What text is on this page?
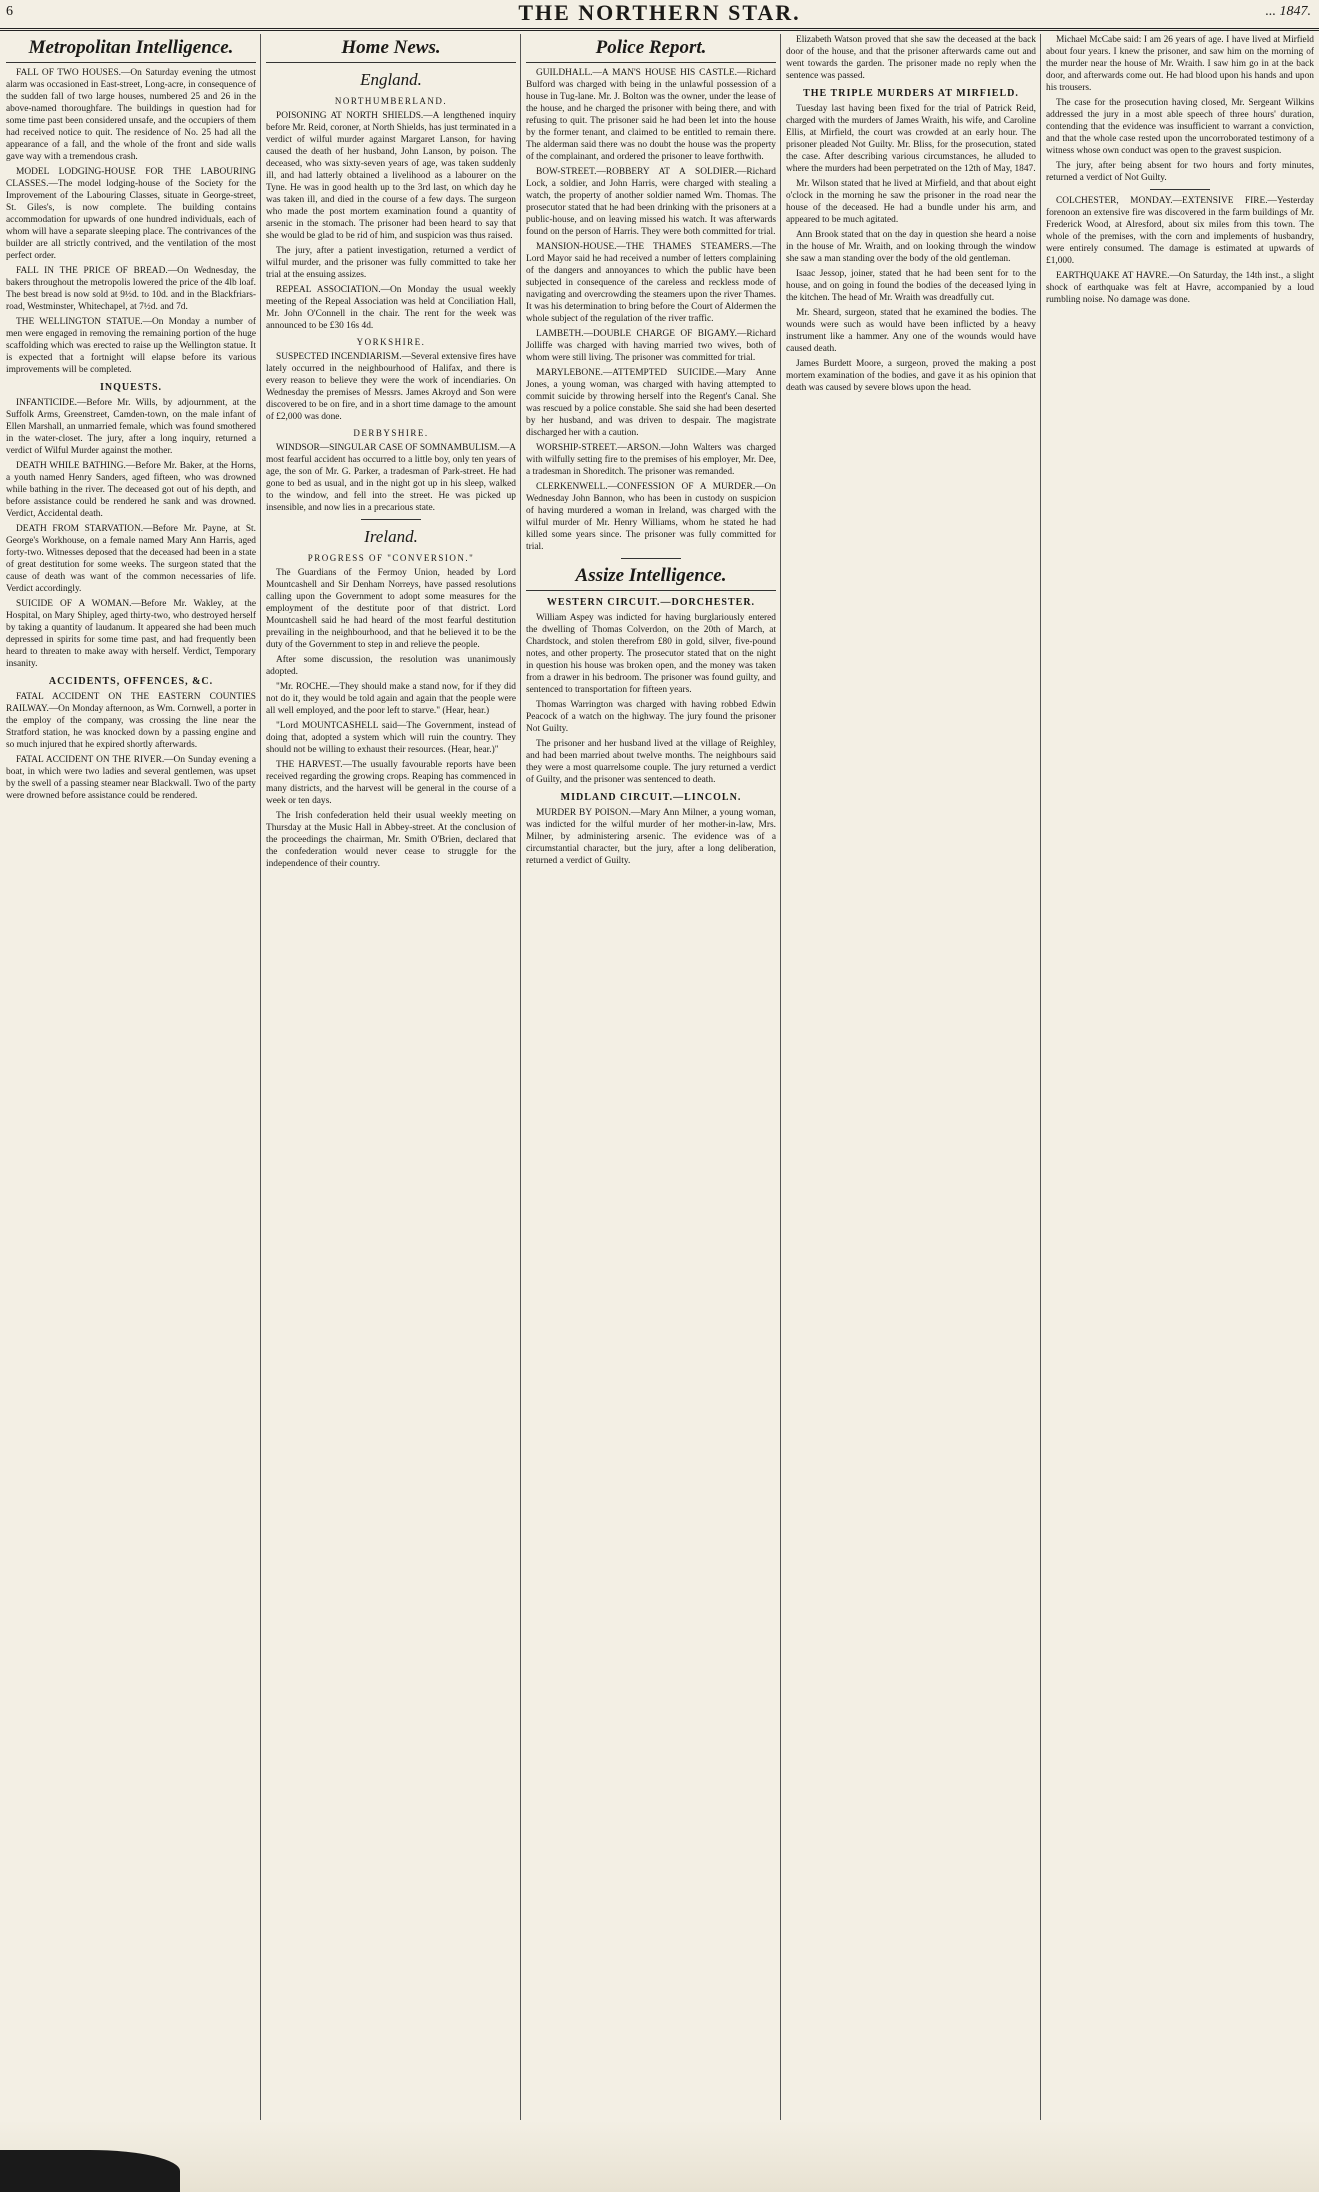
6	THE NORTHERN STAR.	... 1847.
Metropolitan Intelligence.

FALL OF TWO HOUSES.—On Saturday evening the utmost alarm was occasioned in East-street, Long-acre, in consequence of the sudden fall of two large houses, numbered 25 and 26 in the above-named thoroughfare. The buildings in question had for some time past been considered unsafe, and the occupiers of them had received notice to quit. The residence of No. 25 had all the appearance of a fall, and the whole of the front and side walls gave way with a tremendous crash.

MODEL LODGING-HOUSE FOR THE LABOURING CLASSES.—The model lodging-house of the Society for the Improvement of the Labouring Classes, situate in George-street, St. Giles's, is now complete. The building contains accommodation for upwards of one hundred individuals, each of whom will have a separate sleeping place. The contrivances of the builder are all strictly contrived, and the ventilation of the most perfect order.

FALL IN THE PRICE OF BREAD.—On Wednesday, the bakers throughout the metropolis lowered the price of the 4lb loaf. The best bread is now sold at 9½d. to 10d. and in the Blackfriars-road, Westminster, Whitechapel, at 7½d. and 7d.

THE WELLINGTON STATUE.—On Monday a number of men were engaged in removing the remaining portion of the huge scaffolding which was erected to raise up the Wellington statue. It is expected that a fortnight will elapse before its various improvements will be completed.

INQUESTS.

INFANTICIDE.—Before Mr. Wills, by adjournment, at the Suffolk Arms, Greenstreet, Camden-town, on the male infant of Ellen Marshall, an unmarried female, which was found smothered in the water-closet. The jury, after a long inquiry, returned a verdict of Wilful Murder against the mother.

DEATH WHILE BATHING.—Before Mr. Baker, at the Horns, a youth named Henry Sanders, aged fifteen, who was drowned while bathing in the river. The deceased got out of his depth, and before assistance could be rendered he sank and was drowned. Verdict, Accidental death.

DEATH FROM STARVATION.—Before Mr. Payne, at St. George's Workhouse, on a female named Mary Ann Harris, aged forty-two. Witnesses deposed that the deceased had been in a state of great destitution for some weeks. The surgeon stated that the cause of death was want of the common necessaries of life. Verdict accordingly.

SUICIDE OF A WOMAN.—Before Mr. Wakley, at the Hospital, on Mary Shipley, aged thirty-two, who destroyed herself by taking a quantity of laudanum. It appeared she had been much depressed in spirits for some time past, and had frequently been heard to threaten to make away with herself. Verdict, Temporary insanity.

ACCIDENTS, OFFENCES, &C.

FATAL ACCIDENT ON THE EASTERN COUNTIES RAILWAY.—On Monday afternoon, as Wm. Cornwell, a porter in the employ of the company, was crossing the line near the Stratford station, he was knocked down by a passing engine and so much injured that he expired shortly afterwards.

FATAL ACCIDENT ON THE RIVER.—On Sunday evening a boat, in which were two ladies and several gentlemen, was upset by the swell of a passing steamer near Blackwall. Two of the party were drowned before assistance could be rendered.

Home News.
England.
NORTHUMBERLAND.

POISONING AT NORTH SHIELDS.—A lengthened inquiry before Mr. Reid, coroner, at North Shields, has just terminated in a verdict of wilful murder against Margaret Lanson, for having caused the death of her husband, John Lanson, by poison. The deceased, who was sixty-seven years of age, was taken suddenly ill, and had latterly obtained a livelihood as a labourer on the Tyne. He was in good health up to the 3rd last, on which day he was taken ill, and died in the course of a few days. The surgeon who made the post mortem examination found a quantity of arsenic in the stomach. The prisoner had been heard to say that she would be glad to be rid of him, and suspicion was thus raised.

The jury, after a patient investigation, returned a verdict of wilful murder, and the prisoner was fully committed to take her trial at the ensuing assizes.

REPEAL ASSOCIATION.—On Monday the usual weekly meeting of the Repeal Association was held at Conciliation Hall, Mr. John O'Connell in the chair. The rent for the week was announced to be £30 16s 4d.

YORKSHIRE.

SUSPECTED INCENDIARISM.—Several extensive fires have lately occurred in the neighbourhood of Halifax, and there is every reason to believe they were the work of incendiaries. On Wednesday the premises of Messrs. James Akroyd and Son were discovered to be on fire, and in a short time damage to the amount of £2,000 was done.

DERBYSHIRE.

WINDSOR—SINGULAR CASE OF SOMNAMBULISM.—A most fearful accident has occurred to a little boy, only ten years of age, the son of Mr. G. Parker, a tradesman of Park-street. He had gone to bed as usual, and in the night got up in his sleep, walked to the window, and fell into the street. He was picked up insensible, and now lies in a precarious state.

Ireland.
PROGRESS OF "CONVERSION."

The Guardians of the Fermoy Union, headed by Lord Mountcashell and Sir Denham Norreys, have passed resolutions calling upon the Government to adopt some measures for the employment of the destitute poor of that district. Lord Mountcashell said he had heard of the most fearful destitution prevailing in the neighbourhood, and that he believed it to be the duty of the Government to step in and relieve the people.

After some discussion, the resolution was unanimously adopted.

"Mr. ROCHE.—They should make a stand now, for if they did not do it, they would be told again and again that the people were all well employed, and the poor left to starve." (Hear, hear.)

"Lord MOUNTCASHELL said—The Government, instead of doing that, adopted a system which will ruin the country. They should not be willing to exhaust their resources. (Hear, hear.)"

THE HARVEST.—The usually favourable reports have been received regarding the growing crops. Reaping has commenced in many districts, and the harvest will be general in the course of a week or ten days.

The Irish confederation held their usual weekly meeting on Thursday at the Music Hall in Abbey-street. At the conclusion of the proceedings the chairman, Mr. Smith O'Brien, declared that the confederation would never cease to struggle for the independence of their country.

Police Report.

GUILDHALL.—A MAN'S HOUSE HIS CASTLE.—Richard Bulford was charged with being in the unlawful possession of a house in Tug-lane. Mr. J. Bolton was the owner, under the lease of the house, and he charged the prisoner with being there, and with refusing to quit. The prisoner said he had been let into the house by the former tenant, and claimed to be entitled to remain there. The alderman said there was no doubt the house was the property of the complainant, and ordered the prisoner to leave forthwith.

BOW-STREET.—ROBBERY AT A SOLDIER.—Richard Lock, a soldier, and John Harris, were charged with stealing a watch, the property of another soldier named Wm. Thomas. The prosecutor stated that he had been drinking with the prisoners at a public-house, and on leaving missed his watch. It was afterwards found on the person of Harris. They were both committed for trial.

MANSION-HOUSE.—THE THAMES STEAMERS.—The Lord Mayor said he had received a number of letters complaining of the dangers and annoyances to which the public have been subjected in consequence of the careless and reckless mode of navigating and overcrowding the steamers upon the river Thames. It was his determination to bring before the Court of Aldermen the whole subject of the regulation of the river traffic.

LAMBETH.—DOUBLE CHARGE OF BIGAMY.—Richard Jolliffe was charged with having married two wives, both of whom were still living. The prisoner was committed for trial.

MARYLEBONE.—ATTEMPTED SUICIDE.—Mary Anne Jones, a young woman, was charged with having attempted to commit suicide by throwing herself into the Regent's Canal. She was rescued by a police constable. She said she had been deserted by her husband, and was driven to despair. The magistrate discharged her with a caution.

WORSHIP-STREET.—ARSON.—John Walters was charged with wilfully setting fire to the premises of his employer, Mr. Dee, a tradesman in Shoreditch. The prisoner was remanded.

CLERKENWELL.—CONFESSION OF A MURDER.—On Wednesday John Bannon, who has been in custody on suspicion of having murdered a woman in Ireland, was charged with the wilful murder of Mr. Henry Williams, whom he stated he had killed some years since. The prisoner was fully committed for trial.

Assize Intelligence.
WESTERN CIRCUIT.—DORCHESTER.

William Aspey was indicted for having burglariously entered the dwelling of Thomas Colverdon, on the 20th of March, at Chardstock, and stolen therefrom £80 in gold, silver, five-pound notes, and other property. The prosecutor stated that on the night in question his house was broken open, and the money was taken from a drawer in his bedroom. The prisoner was found guilty, and sentenced to transportation for fifteen years.

Thomas Warrington was charged with having robbed Edwin Peacock of a watch on the highway. The jury found the prisoner Not Guilty.

The prisoner and her husband lived at the village of Reighley, and had been married about twelve months. The neighbours said they were a most quarrelsome couple. The jury returned a verdict of Guilty, and the prisoner was sentenced to death.

MIDLAND CIRCUIT.—LINCOLN.

MURDER BY POISON.—Mary Ann Milner, a young woman, was indicted for the wilful murder of her mother-in-law, Mrs. Milner, by administering arsenic. The evidence was of a circumstantial character, but the jury, after a long deliberation, returned a verdict of Guilty.

Elizabeth Watson proved that she saw the deceased at the back door of the house, and that the prisoner afterwards came out and went towards the garden. The prisoner made no reply when the sentence was passed.

THE TRIPLE MURDERS AT MIRFIELD.

Tuesday last having been fixed for the trial of Patrick Reid, charged with the murders of James Wraith, his wife, and Caroline Ellis, at Mirfield, the court was crowded at an early hour. The prisoner pleaded Not Guilty. Mr. Bliss, for the prosecution, stated the case. After describing various circumstances, he alluded to where the murders had been perpetrated on the 12th of May, 1847.

Mr. Wilson stated that he lived at Mirfield, and that about eight o'clock in the morning he saw the prisoner in the road near the house of the deceased. He had a bundle under his arm, and appeared to be much agitated.

Ann Brook stated that on the day in question she heard a noise in the house of Mr. Wraith, and on looking through the window she saw a man standing over the body of the old gentleman.

Isaac Jessop, joiner, stated that he had been sent for to the house, and on going in found the bodies of the deceased lying in the kitchen. The head of Mr. Wraith was dreadfully cut.

Mr. Sheard, surgeon, stated that he examined the bodies. The wounds were such as would have been inflicted by a heavy instrument like a hammer. Any one of the wounds would have caused death.

James Burdett Moore, a surgeon, proved the making a post mortem examination of the bodies, and gave it as his opinion that death was caused by severe blows upon the head.

Michael McCabe said: I am 26 years of age. I have lived at Mirfield about four years. I knew the prisoner, and saw him on the morning of the murder near the house of Mr. Wraith. I saw him go in at the back door, and afterwards come out. He had blood upon his hands and upon his trousers.

The case for the prosecution having closed, Mr. Sergeant Wilkins addressed the jury in a most able speech of three hours' duration, contending that the evidence was insufficient to warrant a conviction, and that the whole case rested upon the uncorroborated testimony of a witness whose own conduct was open to the gravest suspicion.

The jury, after being absent for two hours and forty minutes, returned a verdict of Not Guilty.

COLCHESTER, MONDAY.—EXTENSIVE FIRE.—Yesterday forenoon an extensive fire was discovered in the farm buildings of Mr. Frederick Wood, at Alresford, about six miles from this town. The whole of the premises, with the corn and implements of husbandry, were entirely consumed. The damage is estimated at upwards of £1,000.

EARTHQUAKE AT HAVRE.—On Saturday, the 14th inst., a slight shock of earthquake was felt at Havre, accompanied by a loud rumbling noise. No damage was done.
